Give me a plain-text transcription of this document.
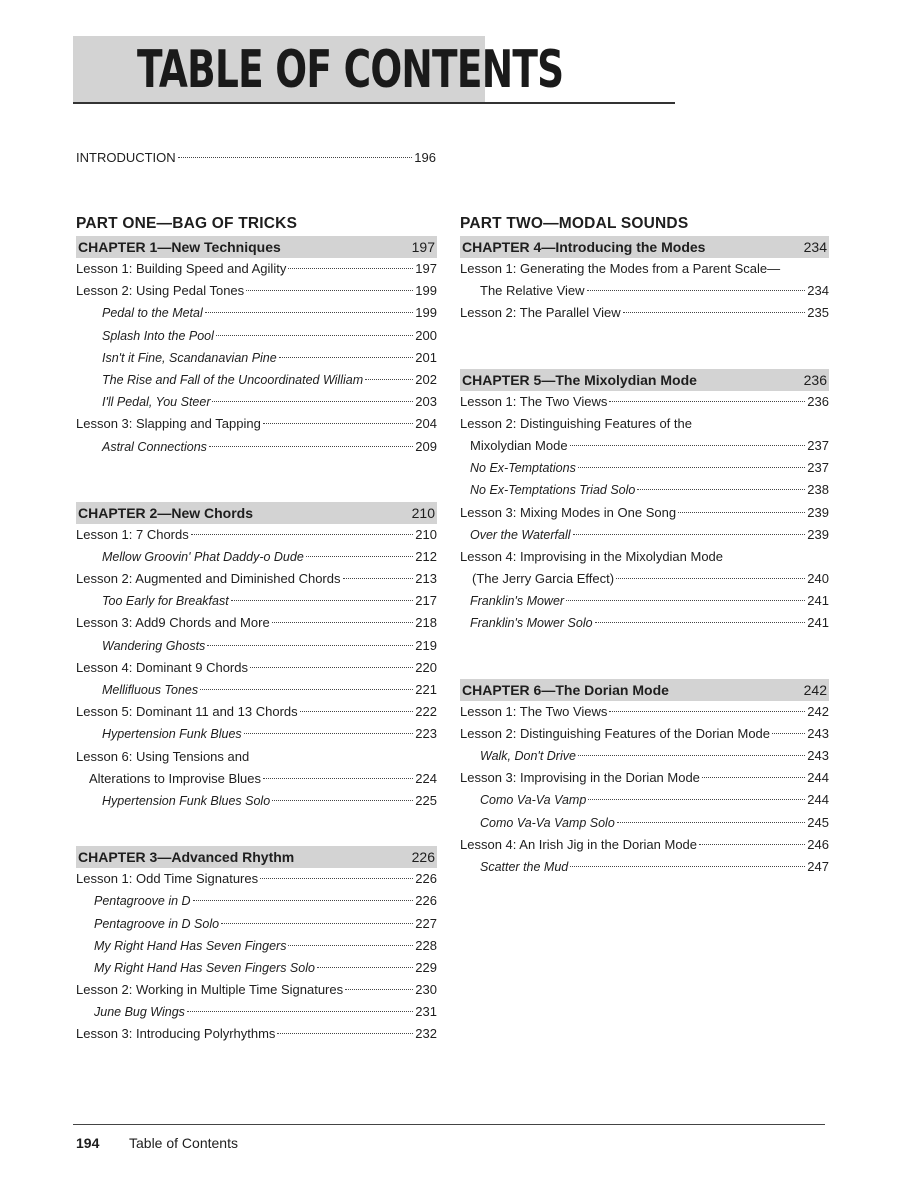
TABLE OF CONTENTS
INTRODUCTION	196
PART ONE—BAG OF TRICKS
CHAPTER 1—New Techniques	197
Lesson 1: Building Speed and Agility	197
Lesson 2: Using Pedal Tones	199
Pedal to the Metal	199
Splash Into the Pool	200
Isn't it Fine, Scandanavian Pine	201
The Rise and Fall of the Uncoordinated William	202
I'll Pedal, You Steer	203
Lesson 3: Slapping and Tapping	204
Astral Connections	209
CHAPTER 2—New Chords	210
Lesson 1: 7 Chords	210
Mellow Groovin' Phat Daddy-o Dude	212
Lesson 2: Augmented and Diminished Chords	213
Too Early for Breakfast	217
Lesson 3: Add9 Chords and More	218
Wandering Ghosts	219
Lesson 4: Dominant 9 Chords	220
Mellifluous Tones	221
Lesson 5: Dominant 11 and 13 Chords	222
Hypertension Funk Blues	223
Lesson 6: Using Tensions and
Alterations to Improvise Blues	224
Hypertension Funk Blues Solo	225
CHAPTER 3—Advanced Rhythm	226
Lesson 1: Odd Time Signatures	226
Pentagroove in D	226
Pentagroove in D Solo	227
My Right Hand Has Seven Fingers	228
My Right Hand Has Seven Fingers Solo	229
Lesson 2: Working in Multiple Time Signatures	230
June Bug Wings	231
Lesson 3: Introducing Polyrhythms	232
PART TWO—MODAL SOUNDS
CHAPTER 4—Introducing the Modes	234
Lesson 1: Generating the Modes from a Parent Scale—
The Relative View	234
Lesson 2: The Parallel View	235
CHAPTER 5—The Mixolydian Mode	236
Lesson 1: The Two Views	236
Lesson 2: Distinguishing Features of the
Mixolydian Mode	237
No Ex-Temptations	237
No Ex-Temptations Triad Solo	238
Lesson 3: Mixing Modes in One Song	239
Over the Waterfall	239
Lesson 4: Improvising in the Mixolydian Mode
(The Jerry Garcia Effect)	240
Franklin's Mower	241
Franklin's Mower Solo	241
CHAPTER 6—The Dorian Mode	242
Lesson 1: The Two Views	242
Lesson 2: Distinguishing Features of the Dorian Mode	243
Walk, Don't Drive	243
Lesson 3: Improvising in the Dorian Mode	244
Como Va-Va Vamp	244
Como Va-Va Vamp Solo	245
Lesson 4: An Irish Jig in the Dorian Mode	246
Scatter the Mud	247
194 Table of Contents
